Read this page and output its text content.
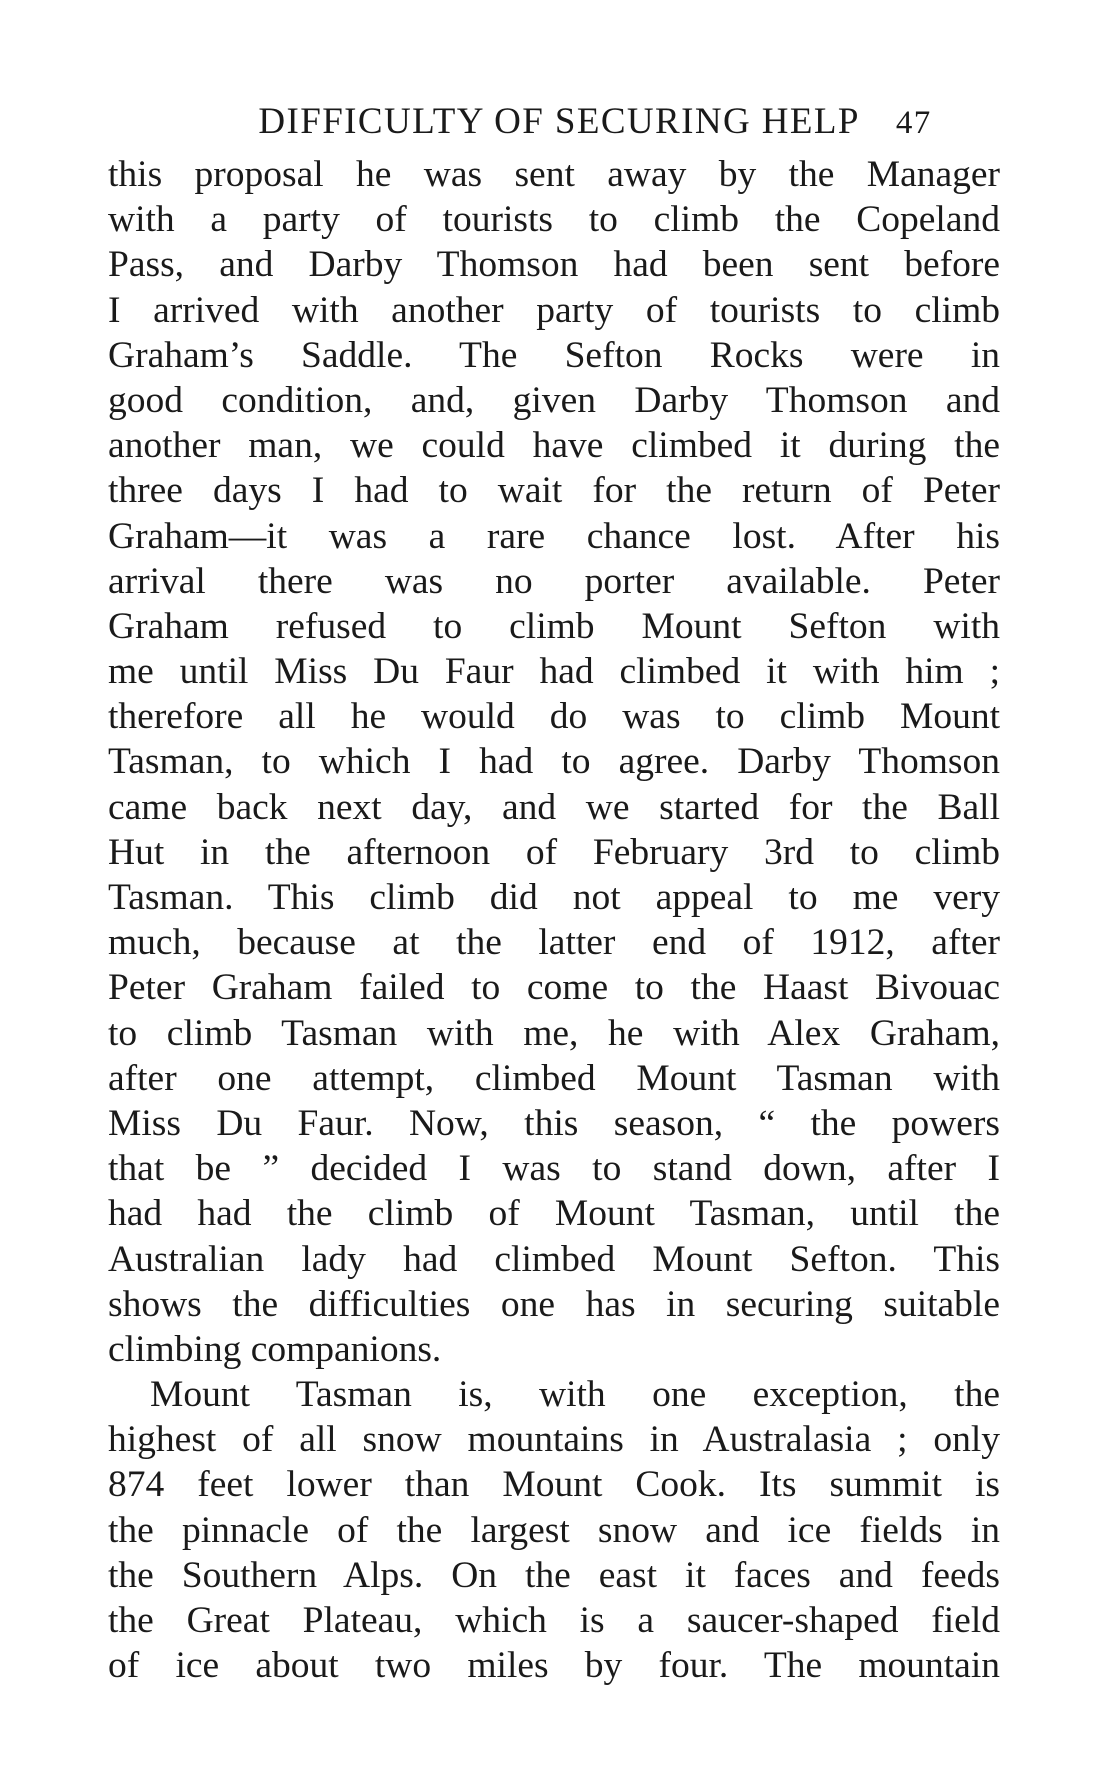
DIFFICULTY OF SECURING HELP 47
this proposal he was sent away by the Manager
with a party of tourists to climb the Copeland
Pass, and Darby Thomson had been sent before
I arrived with another party of tourists to climb
Graham’s Saddle. The Sefton Rocks were in
good condition, and, given Darby Thomson and
another man, we could have climbed it during the
three days I had to wait for the return of Peter
Graham—it was a rare chance lost. After his
arrival there was no porter available. Peter
Graham refused to climb Mount Sefton with
me until Miss Du Faur had climbed it with him ;
therefore all he would do was to climb Mount
Tasman, to which I had to agree. Darby Thomson
came back next day, and we started for the Ball
Hut in the afternoon of February 3rd to climb
Tasman. This climb did not appeal to me very
much, because at the latter end of 1912, after
Peter Graham failed to come to the Haast Bivouac
to climb Tasman with me, he with Alex Graham,
after one attempt, climbed Mount Tasman with
Miss Du Faur. Now, this season, “ the powers
that be ” decided I was to stand down, after I
had had the climb of Mount Tasman, until the
Australian lady had climbed Mount Sefton. This
shows the difficulties one has in securing suitable
climbing companions.
Mount Tasman is, with one exception, the
highest of all snow mountains in Australasia ; only
874 feet lower than Mount Cook. Its summit is
the pinnacle of the largest snow and ice fields in
the Southern Alps. On the east it faces and feeds
the Great Plateau, which is a saucer-shaped field
of ice about two miles by four. The mountain
